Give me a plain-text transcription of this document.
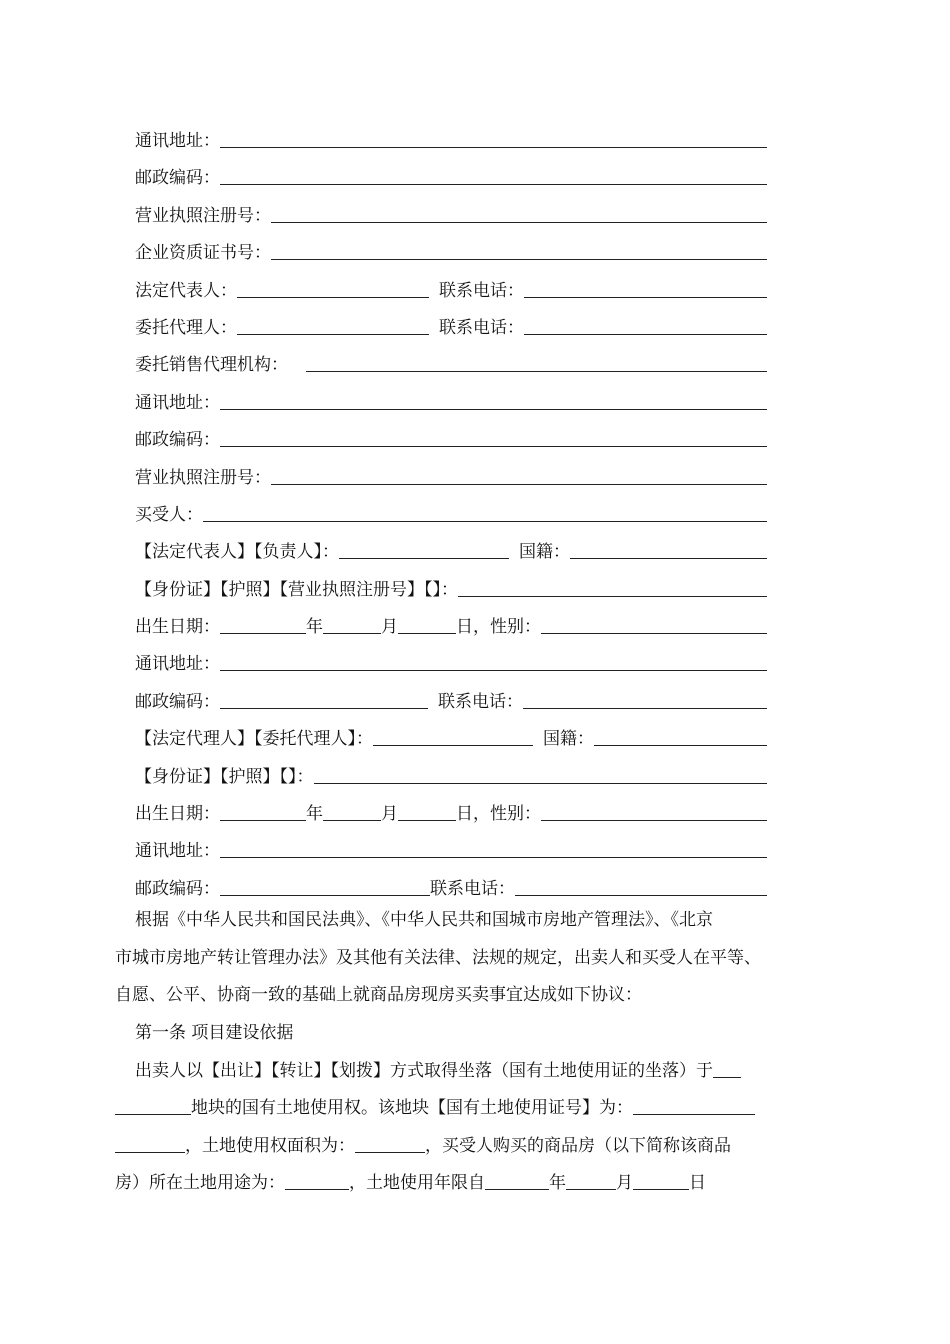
通讯地址：
邮政编码：
营业执照注册号：
企业资质证书号：
法定代表人：	联系电话：
委托代理人：	联系电话：
委托销售代理机构：
通讯地址：
邮政编码：
营业执照注册号：
买受人：
【法定代表人】【负责人】：	国籍：
【身份证】【护照】【营业执照注册号】【】：
出生日期：	年	月	日，性别：
通讯地址：
邮政编码：	联系电话：
【法定代理人】【委托代理人】：	国籍：
【身份证】【护照】【】：
出生日期：	年	月	日，性别：
通讯地址：
邮政编码：	联系电话：

根据《中华人民共和国民法典》、《中华人民共和国城市房地产管理法》、《北京

市城市房地产转让管理办法》及其他有关法律、法规的规定，出卖人和买受人在平等、

自愿、公平、协商一致的基础上就商品房现房买卖事宜达成如下协议：

第一条 项目建设依据

出卖人以【出让】【转让】【划拨】方式取得坐落（国有土地使用证的坐落）于

地块的国有土地使用权。该地块【国有土地使用证号】为：

，土地使用权面积为：	，买受人购买的商品房（以下简称该商品

房）所在土地用途为：	，土地使用年限自	年	月	日
